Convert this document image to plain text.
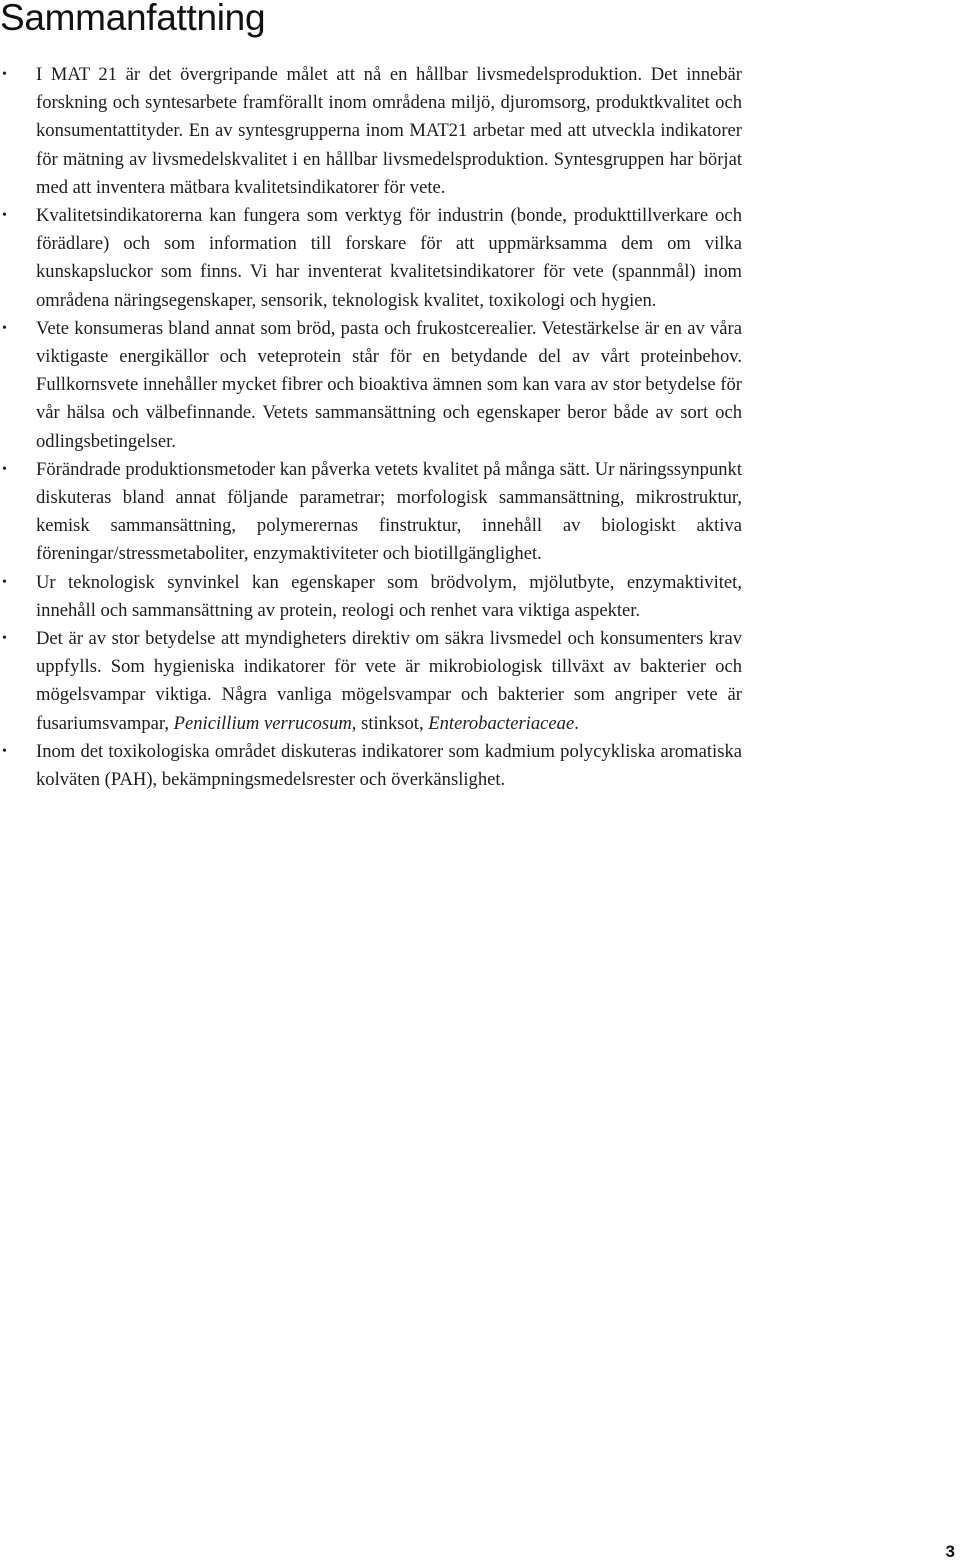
Sammanfattning
• I MAT 21 är det övergripande målet att nå en hållbar livsmedelsproduktion. Det innebär forskning och syntesarbete framförallt inom områdena miljö, djuromsorg, produktkvalitet och konsumentattityder. En av syntesgrupperna inom MAT21 arbetar med att utveckla indikatorer för mätning av livsmedelskvalitet i en hållbar livsmedelsproduktion. Syntesgruppen har börjat med att inventera mätbara kvalitetsindikatorer för vete.
• Kvalitetsindikatorerna kan fungera som verktyg för industrin (bonde, produkttillverkare och förädlare) och som information till forskare för att uppmärksamma dem om vilka kunskapsluckor som finns. Vi har inventerat kvalitetsindikatorer för vete (spannmål) inom områdena näringsegenskaper, sensorik, teknologisk kvalitet, toxikologi och hygien.
• Vete konsumeras bland annat som bröd, pasta och frukostcerealier. Vetestärkelse är en av våra viktigaste energikällor och veteprotein står för en betydande del av vårt proteinbehov. Fullkornsvete innehåller mycket fibrer och bioaktiva ämnen som kan vara av stor betydelse för vår hälsa och välbefinnande. Vetets sammansättning och egenskaper beror både av sort och odlingsbetingelser.
• Förändrade produktionsmetoder kan påverka vetets kvalitet på många sätt. Ur näringssynpunkt diskuteras bland annat följande parametrar; morfologisk sammansättning, mikrostruktur, kemisk sammansättning, polymerernas finstruktur, innehåll av biologiskt aktiva föreningar/stressmetaboliter, enzymaktiviteter och biotillgänglighet.
• Ur teknologisk synvinkel kan egenskaper som brödvolym, mjölutbyte, enzymaktivitet, innehåll och sammansättning av protein, reologi och renhet vara viktiga aspekter.
• Det är av stor betydelse att myndigheters direktiv om säkra livsmedel och konsumenters krav uppfylls. Som hygieniska indikatorer för vete är mikrobiologisk tillväxt av bakterier och mögelsvampar viktiga. Några vanliga mögelsvampar och bakterier som angriper vete är fusariumsvampar, Penicillium verrucosum, stinksot, Enterobacteriaceae.
• Inom det toxikologiska området diskuteras indikatorer som kadmium polycykliska aromatiska kolväten (PAH), bekämpningsmedelsrester och överkänslighet.
3
